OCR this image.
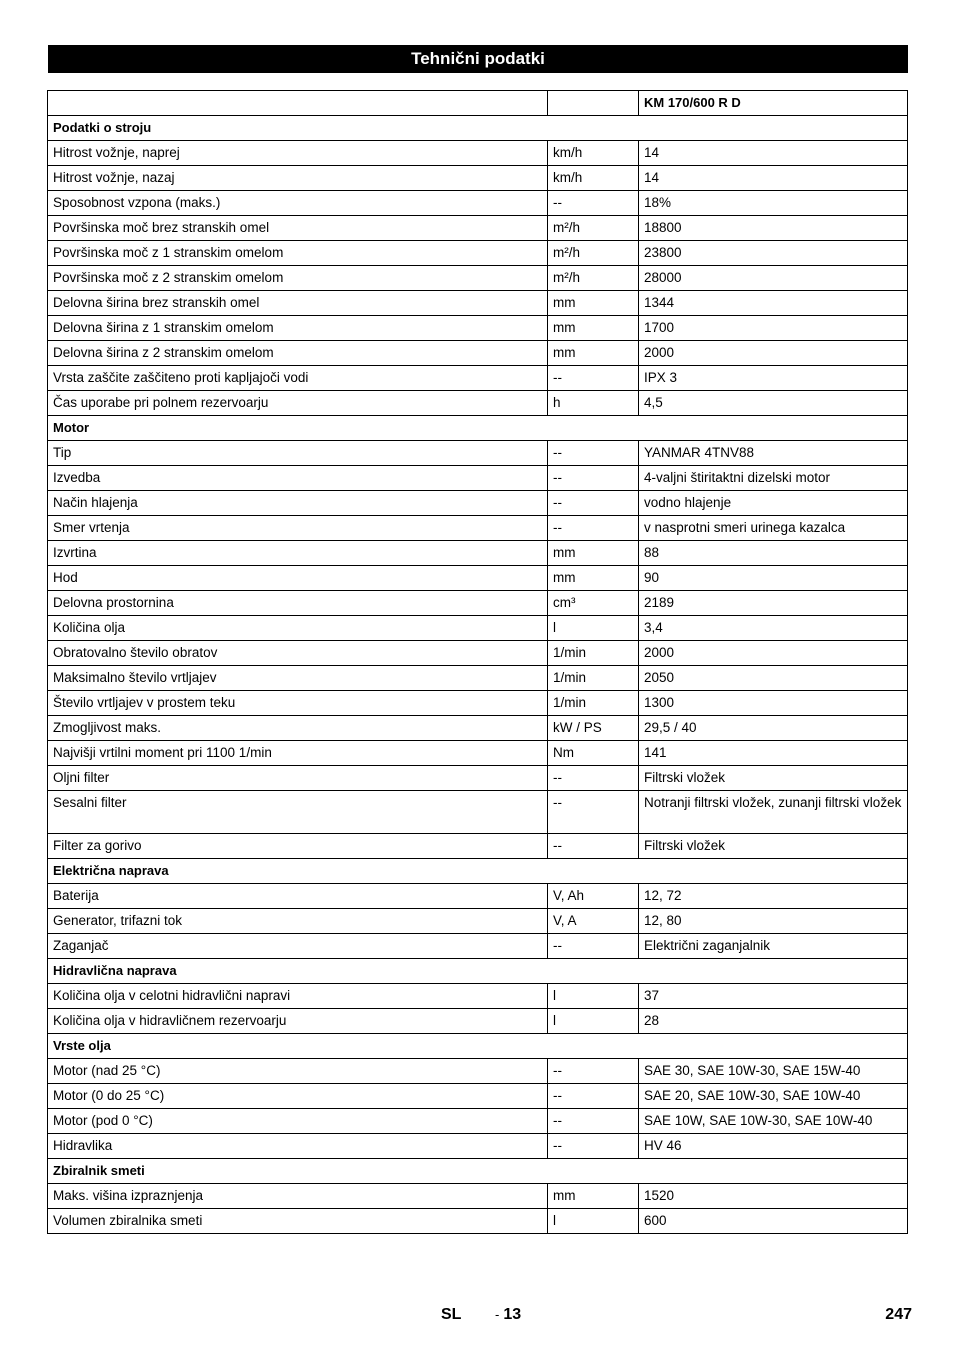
Tehnični podatki
		KM 170/600 R D
Podatki o stroju		
Hitrost vožnje, naprej	km/h	14
Hitrost vožnje, nazaj	km/h	14
Sposobnost vzpona (maks.)	--	18%
Površinska moč brez stranskih omel	m²/h	18800
Površinska moč z 1 stranskim omelom	m²/h	23800
Površinska moč z 2 stranskim omelom	m²/h	28000
Delovna širina brez stranskih omel	mm	1344
Delovna širina z 1 stranskim omelom	mm	1700
Delovna širina z 2 stranskim omelom	mm	2000
Vrsta zaščite zaščiteno proti kapljajoči vodi	--	IPX 3
Čas uporabe pri polnem rezervoarju	h	4,5
Motor		
Tip	--	YANMAR 4TNV88
Izvedba	--	4-valjni štiritaktni dizelski motor
Način hlajenja	--	vodno hlajenje
Smer vrtenja	--	v nasprotni smeri urinega kazalca
Izvrtina	mm	88
Hod	mm	90
Delovna prostornina	cm³	2189
Količina olja	l	3,4
Obratovalno število obratov	1/min	2000
Maksimalno število vrtljajev	1/min	2050
Število vrtljajev v prostem teku	1/min	1300
Zmogljivost maks.	kW / PS	29,5 / 40
Najvišji vrtilni moment pri 1100 1/min	Nm	141
Oljni filter	--	Filtrski vložek
Sesalni filter	--	Notranji filtrski vložek, zunanji filtrski vložek
Filter za gorivo	--	Filtrski vložek
Električna naprava		
Baterija	V, Ah	12, 72
Generator, trifazni tok	V, A	12, 80
Zaganjač	--	Električni zaganjalnik
Hidravlična naprava		
Količina olja v celotni hidravlični napravi	l	37
Količina olja v hidravličnem rezervoarju	l	28
Vrste olja		
Motor (nad 25 °C)	--	SAE 30, SAE 10W-30, SAE 15W-40
Motor (0 do 25 °C)	--	SAE 20, SAE 10W-30, SAE 10W-40
Motor (pod 0 °C)	--	SAE 10W, SAE 10W-30, SAE 10W-40
Hidravlika	--	HV 46
Zbiralnik smeti		
Maks. višina izpraznjenja	mm	1520
Volumen zbiralnika smeti	l	600
SL	- 13	247
